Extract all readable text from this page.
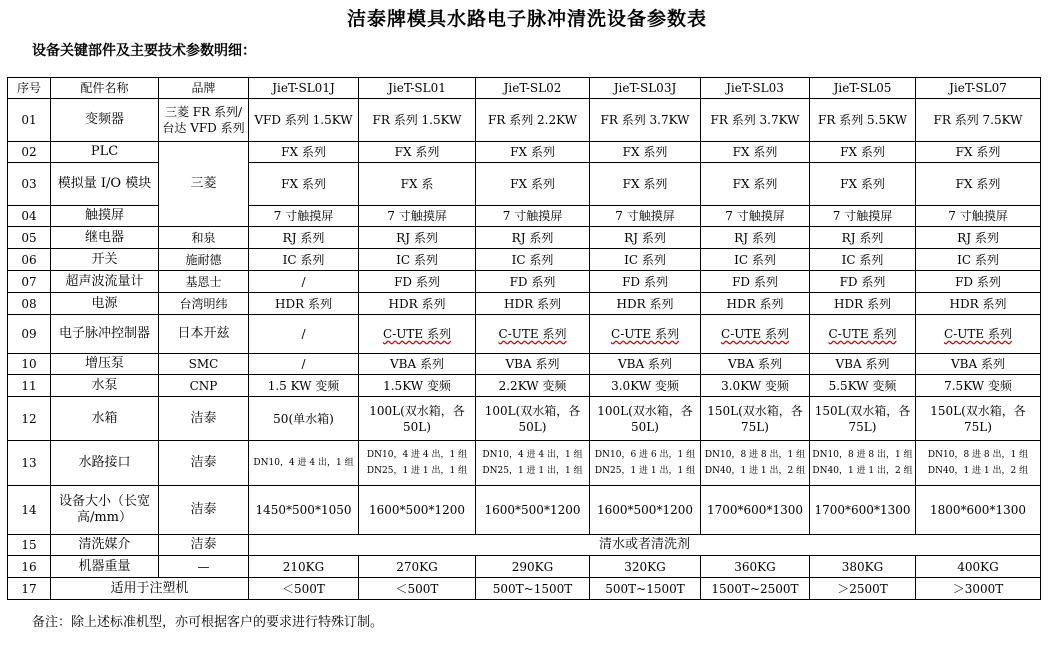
洁泰牌模具水路电子脉冲清洗设备参数表
设备关键部件及主要技术参数明细：
序号	配件名称	品牌	JieT-SL01J	JieT-SL01	JieT-SL02	JieT-SL03J	JieT-SL03	JieT-SL05	JieT-SL07
01	变频器	三菱 FR 系列/台达 VFD 系列	VFD 系列 1.5KW	FR 系列 1.5KW	FR 系列 2.2KW	FR 系列 3.7KW	FR 系列 3.7KW	FR 系列 5.5KW	FR 系列 7.5KW
02	PLC	三菱	FX 系列	FX 系列	FX 系列	FX 系列	FX 系列	FX 系列	FX 系列
03	模拟量 I/O 模块		FX 系列	FX 系	FX 系列	FX 系列	FX 系列	FX 系列	FX 系列
04	触摸屏		7 寸触摸屏	7 寸触摸屏	7 寸触摸屏	7 寸触摸屏	7 寸触摸屏	7 寸触摸屏	7 寸触摸屏
05	继电器	和泉	RJ 系列	RJ 系列	RJ 系列	RJ 系列	RJ 系列	RJ 系列	RJ 系列
06	开关	施耐德	IC 系列	IC 系列	IC 系列	IC 系列	IC 系列	IC 系列	IC 系列
07	超声波流量计	基恩士	/	FD 系列	FD 系列	FD 系列	FD 系列	FD 系列	FD 系列
08	电源	台湾明纬	HDR 系列	HDR 系列	HDR 系列	HDR 系列	HDR 系列	HDR 系列	HDR 系列
09	电子脉冲控制器	日本开兹	/	C-UTE 系列	C-UTE 系列	C-UTE 系列	C-UTE 系列	C-UTE 系列	C-UTE 系列
10	增压泵	SMC	/	VBA 系列	VBA 系列	VBA 系列	VBA 系列	VBA 系列	VBA 系列
11	水泵	CNP	1.5 KW 变频	1.5KW 变频	2.2KW 变频	3.0KW 变频	3.0KW 变频	5.5KW 变频	7.5KW 变频
12	水箱	洁泰	50(单水箱)	100L(双水箱，各 50L)	100L(双水箱，各 50L)	100L(双水箱，各 50L)	150L(双水箱，各 75L)	150L(双水箱，各 75L)	150L(双水箱，各 75L)
13	水路接口	洁泰	DN10，4 进 4 出，1 组	DN10，4 进 4 出，1 组 DN25，1 进 1 出，1 组	DN10，4 进 4 出，1 组 DN25，1 进 1 出，1 组	DN10，6 进 6 出，1 组 DN25，1 进 1 出，1 组	DN10，8 进 8 出，1 组 DN40，1 进 1 出，2 组	DN10，8 进 8 出，1 组 DN40，1 进 1 出，2 组	DN10，8 进 8 出，1 组 DN40，1 进 1 出，2 组
14	设备大小（长宽高/mm）	洁泰	1450*500*1050	1600*500*1200	1600*500*1200	1600*500*1200	1700*600*1300	1700*600*1300	1800*600*1300
15	清洗媒介	洁泰	清水或者清洗剂						
16	机器重量	—	210KG	270KG	290KG	320KG	360KG	380KG	400KG
17	适用于注塑机		＜500T	＜500T	500T~1500T	500T~1500T	1500T~2500T	＞2500T	＞3000T
备注：除上述标准机型，亦可根据客户的要求进行特殊订制。
